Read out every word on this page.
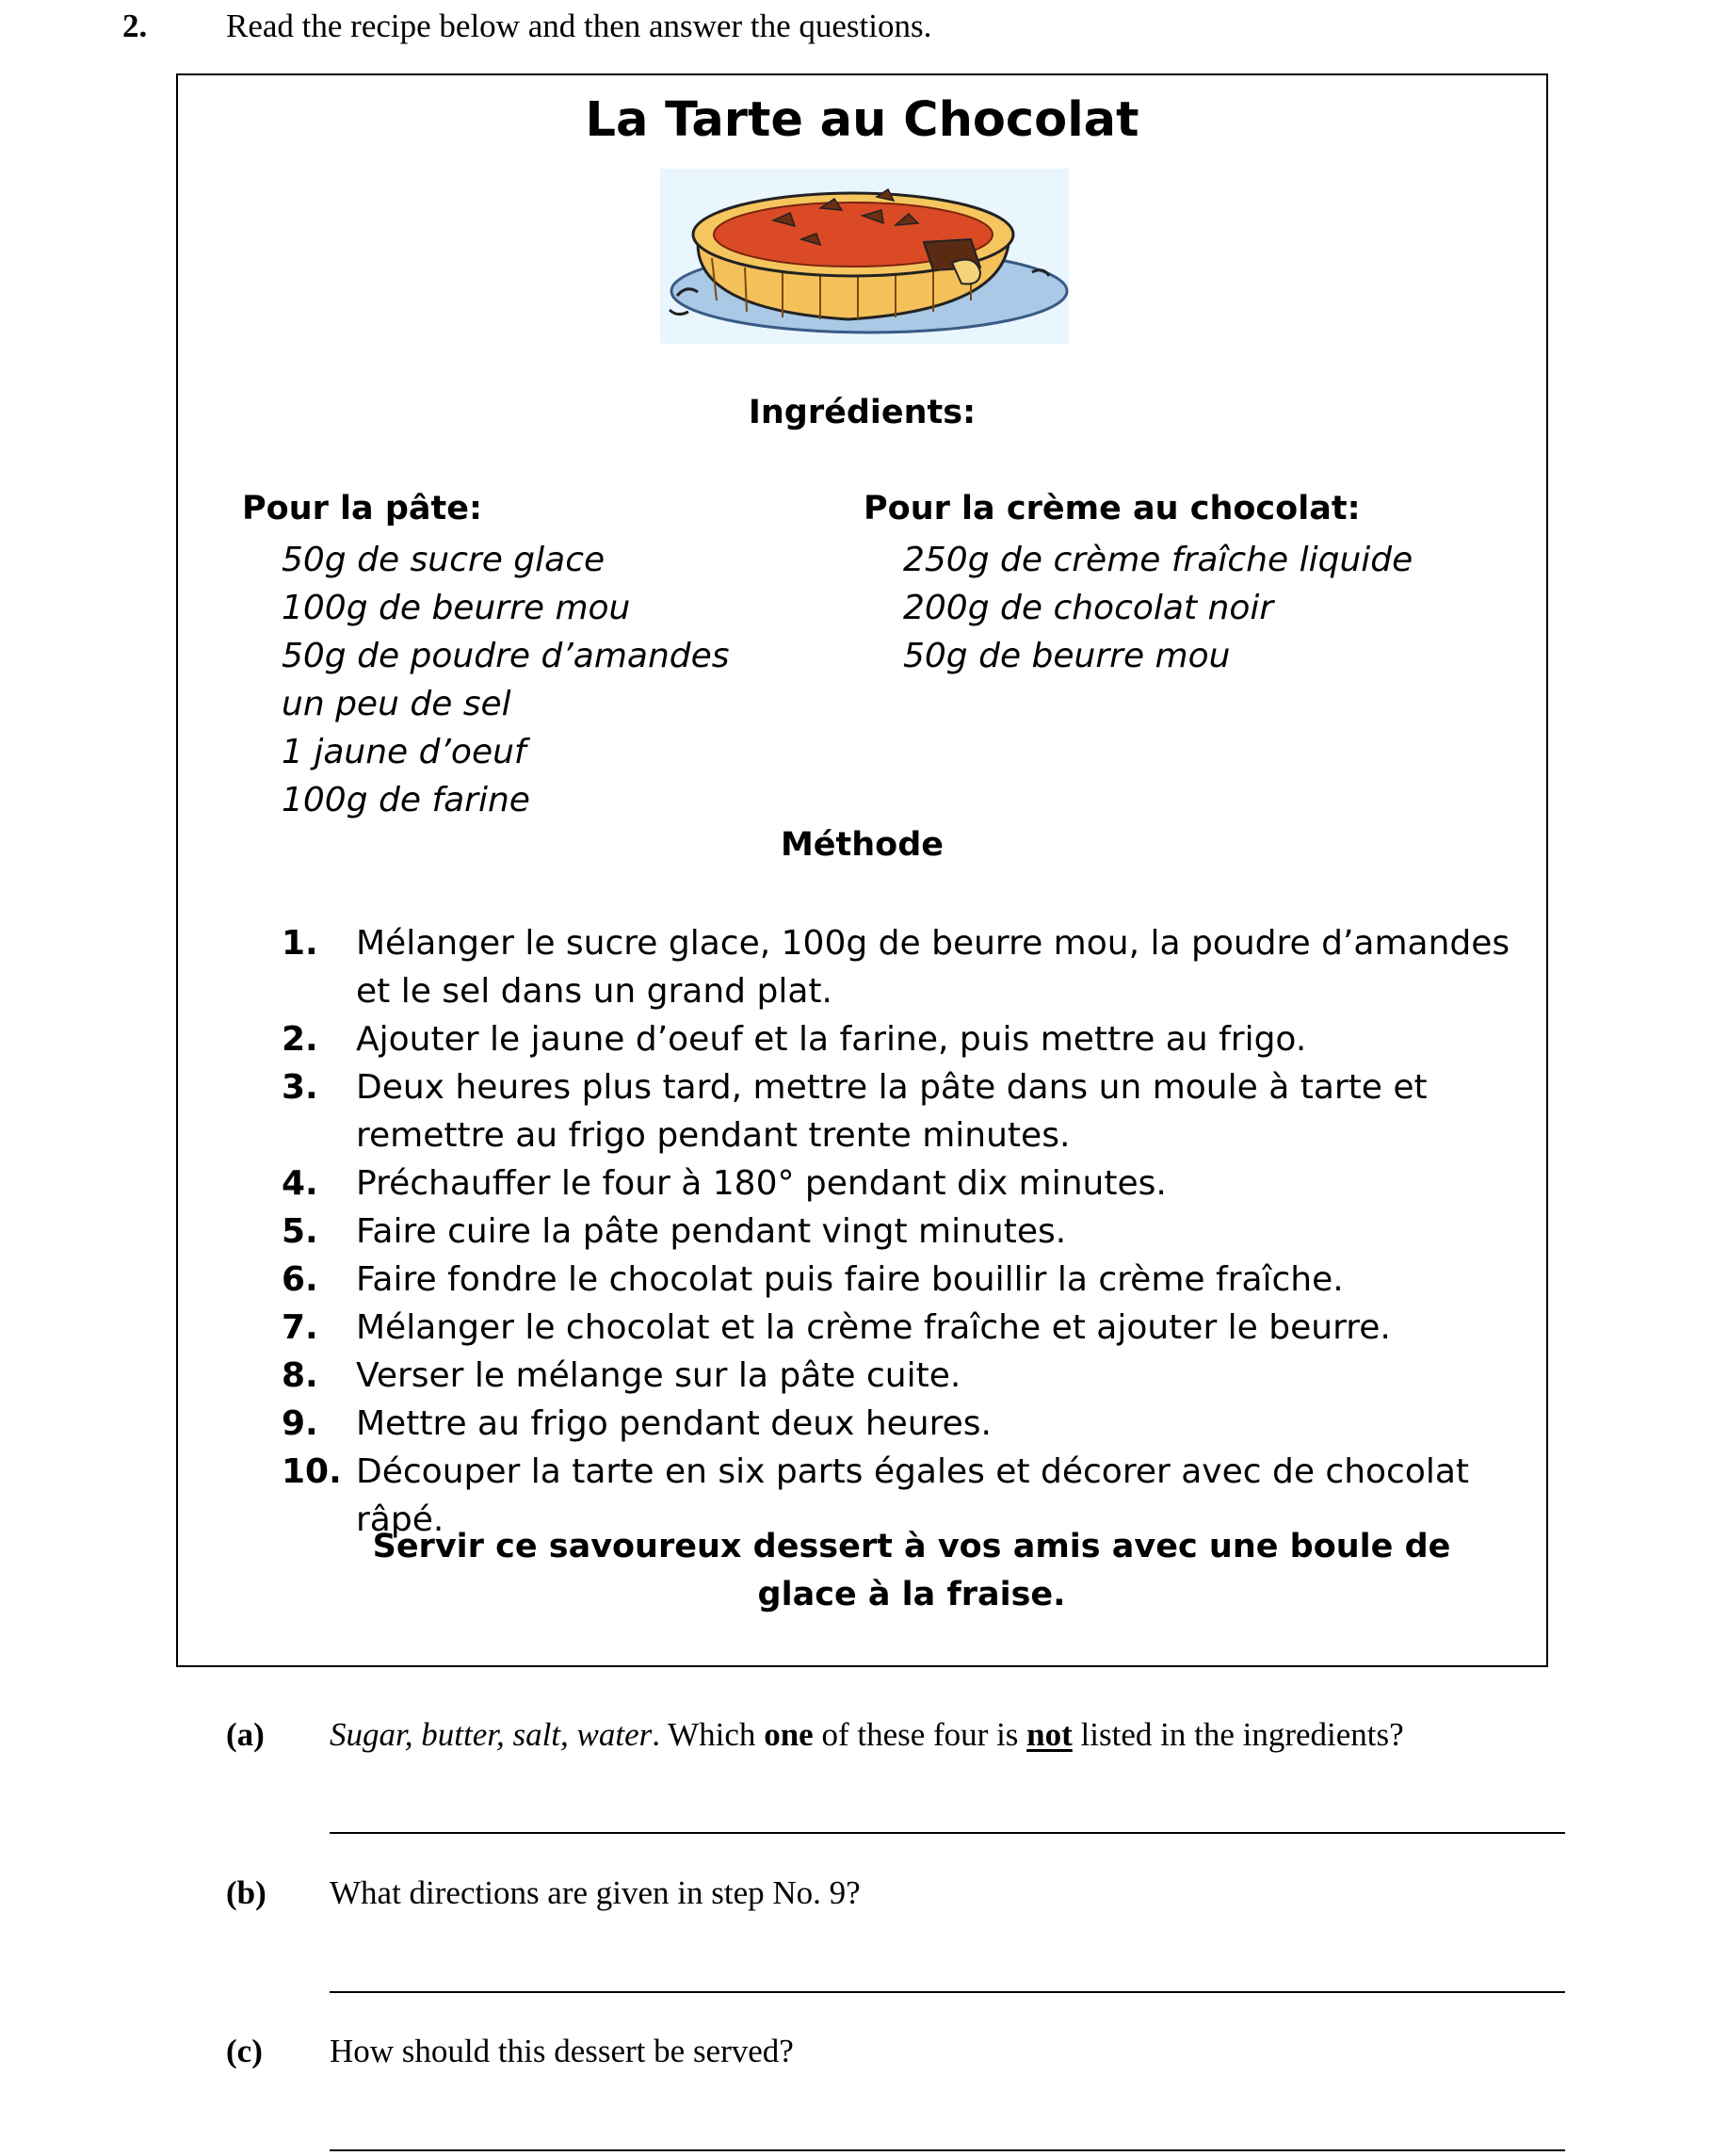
2. Read the recipe below and then answer the questions.
La Tarte au Chocolat
Ingrédients:
Pour la pâte:
50g de sucre glace
100g de beurre mou
50g de poudre d’amandes
un peu de sel
1 jaune d’oeuf
100g de farine
Pour la crème au chocolat:
250g de crème fraîche liquide
200g de chocolat noir
50g de beurre mou
Méthode
1.	Mélanger le sucre glace, 100g de beurre mou, la poudre d’amandes et le sel dans un grand plat.
2.	Ajouter le jaune d’oeuf et la farine, puis mettre au frigo.
3.	Deux heures plus tard, mettre la pâte dans un moule à tarte et remettre au frigo pendant trente minutes.
4.	Préchauffer le four à 180° pendant dix minutes.
5.	Faire cuire la pâte pendant vingt minutes.
6.	Faire fondre le chocolat puis faire bouillir la crème fraîche.
7.	Mélanger le chocolat et la crème fraîche et ajouter le beurre.
8.	Verser le mélange sur la pâte cuite.
9.	Mettre au frigo pendant deux heures.
10. Découper la tarte en six parts égales et décorer avec de chocolat râpé.
Servir ce savoureux dessert à vos amis avec une boule de glace à la fraise.
(a) Sugar, butter, salt, water. Which one of these four is not listed in the ingredients?
(b) What directions are given in step No. 9?
(c) How should this dessert be served?
